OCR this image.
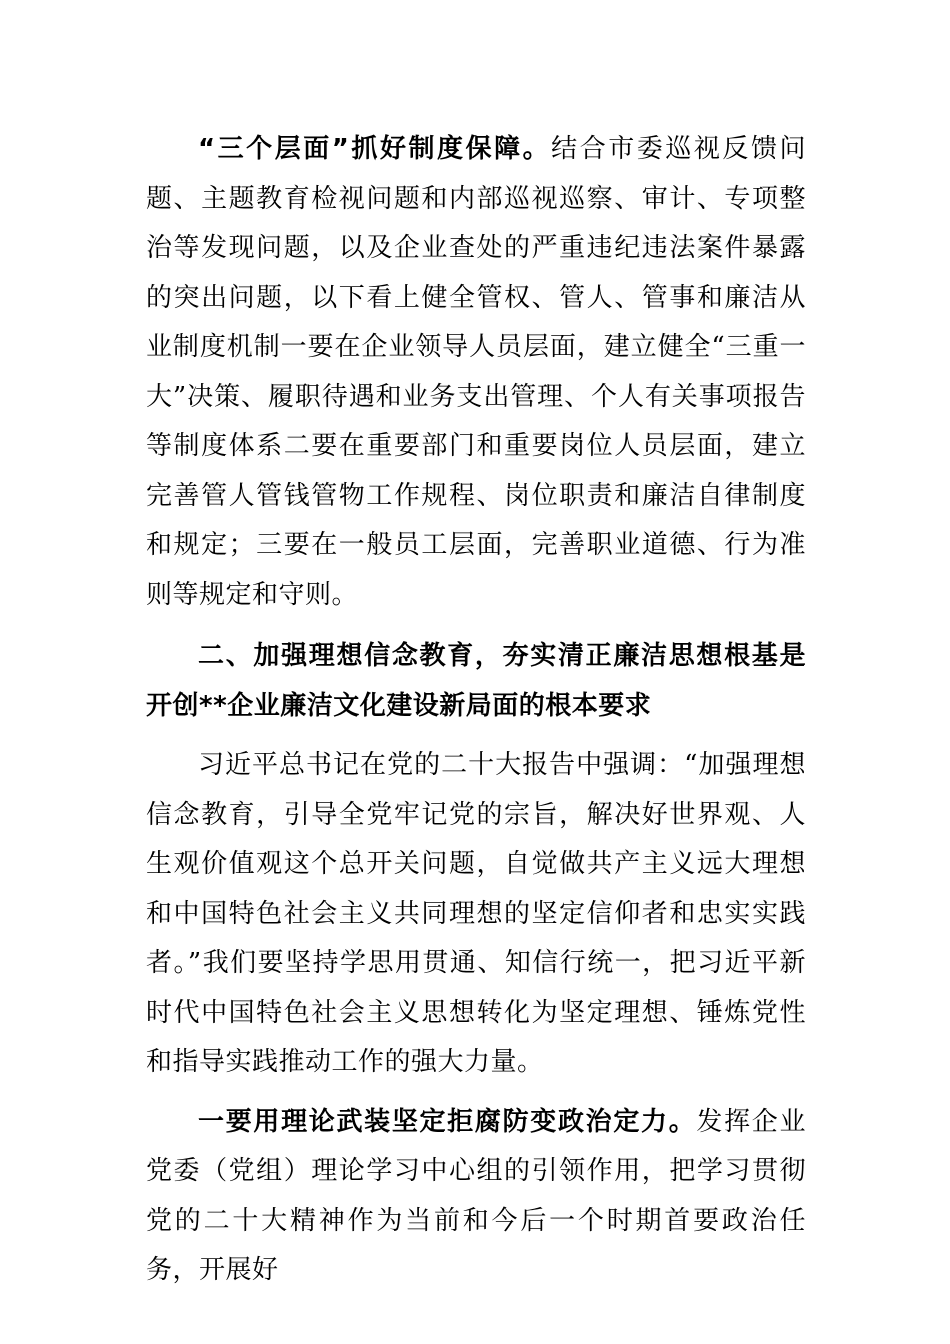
“三个层面”抓好制度保障。结合市委巡视反馈问题、主题教育检视问题和内部巡视巡察、审计、专项整治等发现问题，以及企业查处的严重违纪违法案件暴露的突出问题，以下看上健全管权、管人、管事和廉洁从业制度机制一要在企业领导人员层面，建立健全“三重一大”决策、履职待遇和业务支出管理、个人有关事项报告等制度体系二要在重要部门和重要岗位人员层面，建立完善管人管钱管物工作规程、岗位职责和廉洁自律制度和规定；三要在一般员工层面，完善职业道德、行为准则等规定和守则。

二、加强理想信念教育，夯实清正廉洁思想根基是开创**企业廉洁文化建设新局面的根本要求

习近平总书记在党的二十大报告中强调：“加强理想信念教育，引导全党牢记党的宗旨，解决好世界观、人生观价值观这个总开关问题，自觉做共产主义远大理想和中国特色社会主义共同理想的坚定信仰者和忠实实践者。”我们要坚持学思用贯通、知信行统一，把习近平新时代中国特色社会主义思想转化为坚定理想、锤炼党性和指导实践推动工作的强大力量。

一要用理论武装坚定拒腐防变政治定力。发挥企业党委（党组）理论学习中心组的引领作用，把学习贯彻党的二十大精神作为当前和今后一个时期首要政治任务，开展好
